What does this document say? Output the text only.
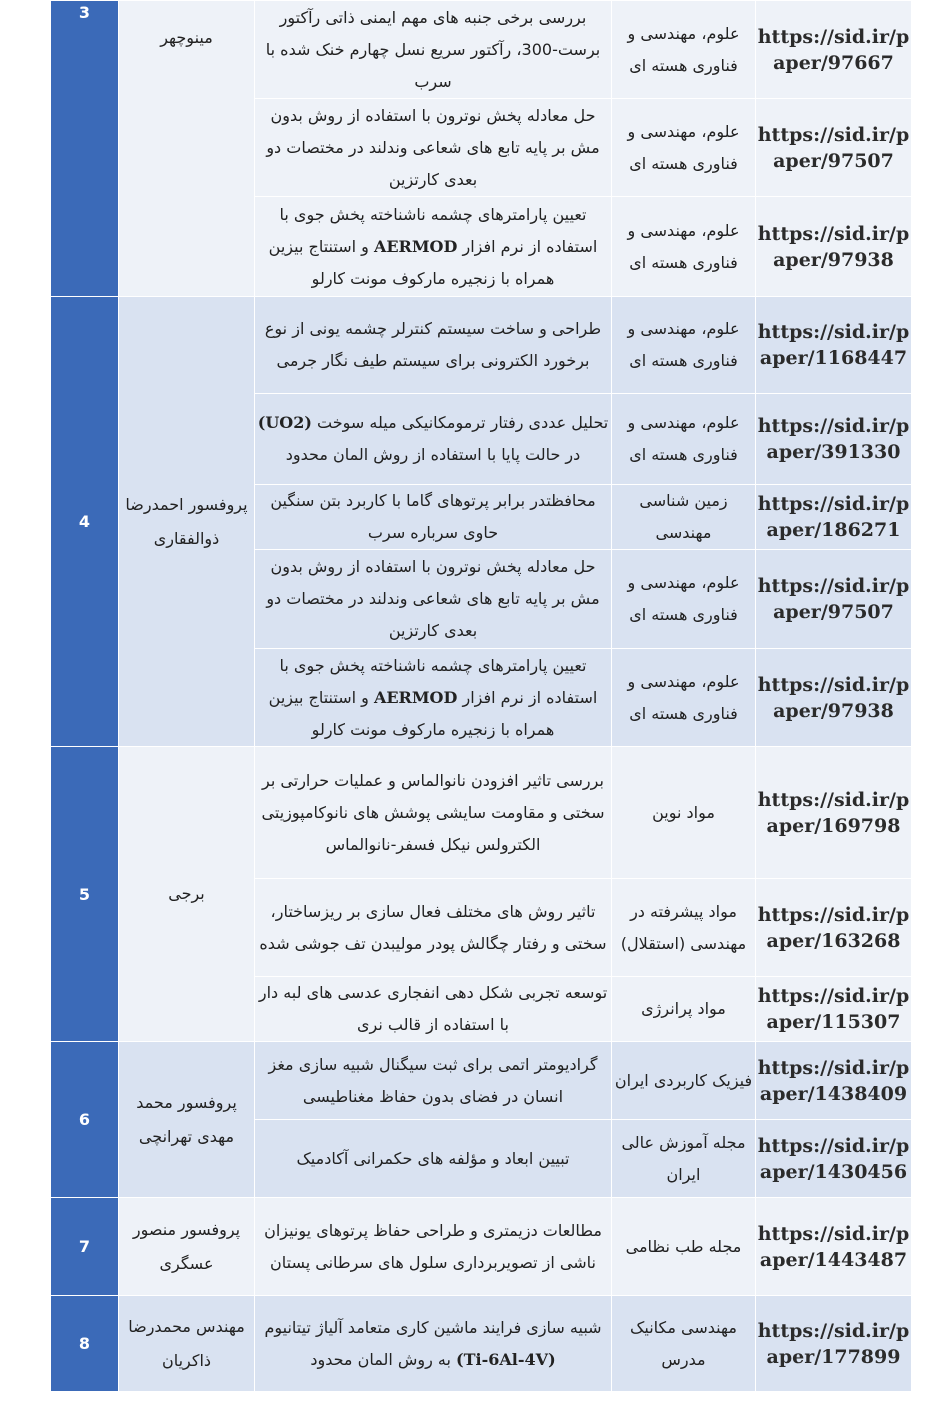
3	مینوچهر	بررسی برخی جنبه های مهم ایمنی ذاتی رآکتور برست-300، رآکتور سریع نسل چهارم خنک شده با سرب	علوم، مهندسی و فناوری هسته ای	https://sid.ir/paper/97667
		حل معادله پخش نوترون با استفاده از روش بدون مش بر پایه تابع های شعاعی وندلند در مختصات دو بعدی کارتزین	علوم، مهندسی و فناوری هسته ای	https://sid.ir/paper/97507
		تعیین پارامترهای چشمه ناشناخته پخش جوی با استفاده از نرم افزار AERMOD و استنتاج بیزین همراه با زنجیره مارکوف مونت کارلو	علوم، مهندسی و فناوری هسته ای	https://sid.ir/paper/97938
4	پروفسور احمدرضا ذوالفقاری	طراحی و ساخت سیستم کنترلر چشمه یونی از نوع برخورد الکترونی برای سیستم طیف نگار جرمی	علوم، مهندسی و فناوری هسته ای	https://sid.ir/paper/1168447
		تحلیل عددی رفتار ترمومکانیکی میله سوخت (UO2) در حالت پایا با استفاده از روش المان محدود	علوم، مهندسی و فناوری هسته ای	https://sid.ir/paper/391330
		محافظتدر برابر پرتوهای گاما با کاربرد بتن سنگین حاوی سرباره سرب	زمین شناسی مهندسی	https://sid.ir/paper/186271
		حل معادله پخش نوترون با استفاده از روش بدون مش بر پایه تابع های شعاعی وندلند در مختصات دو بعدی کارتزین	علوم، مهندسی و فناوری هسته ای	https://sid.ir/paper/97507
		تعیین پارامترهای چشمه ناشناخته پخش جوی با استفاده از نرم افزار AERMOD و استنتاج بیزین همراه با زنجیره مارکوف مونت کارلو	علوم، مهندسی و فناوری هسته ای	https://sid.ir/paper/97938
5	برجی	بررسی تاثیر افزودن نانوالماس و عملیات حرارتی بر سختی و مقاومت سایشی پوشش های نانوکامپوزیتی الکترولس نیکل فسفر-نانوالماس	مواد نوین	https://sid.ir/paper/169798
		تاثیر روش های مختلف فعال سازی بر ریزساختار، سختی و رفتار چگالش پودر مولیبدن تف جوشی شده	مواد پیشرفته در مهندسی (استقلال)	https://sid.ir/paper/163268
		توسعه تجربی شکل دهی انفجاری عدسی های لبه دار با استفاده از قالب نری	مواد پرانرژی	https://sid.ir/paper/115307
6	پروفسور محمد مهدی تهرانچی	گرادیومتر اتمی برای ثبت سیگنال شبیه سازی مغز انسان در فضای بدون حفاظ مغناطیسی	فیزیک کاربردی ایران	https://sid.ir/paper/1438409
		تبیین ابعاد و مؤلفه های حکمرانی آکادمیک	مجله آموزش عالی ایران	https://sid.ir/paper/1430456
7	پروفسور منصور عسگری	مطالعات دزیمتری و طراحی حفاظ پرتوهای یونیزان ناشی از تصویربرداری سلول های سرطانی پستان	مجله طب نظامی	https://sid.ir/paper/1443487
8	مهندس محمدرضا ذاکریان	شبیه سازی فرایند ماشین کاری متعامد آلیاژ تیتانیوم (Ti-6Al-4V) به روش المان محدود	مهندسی مکانیک مدرس	https://sid.ir/paper/177899
